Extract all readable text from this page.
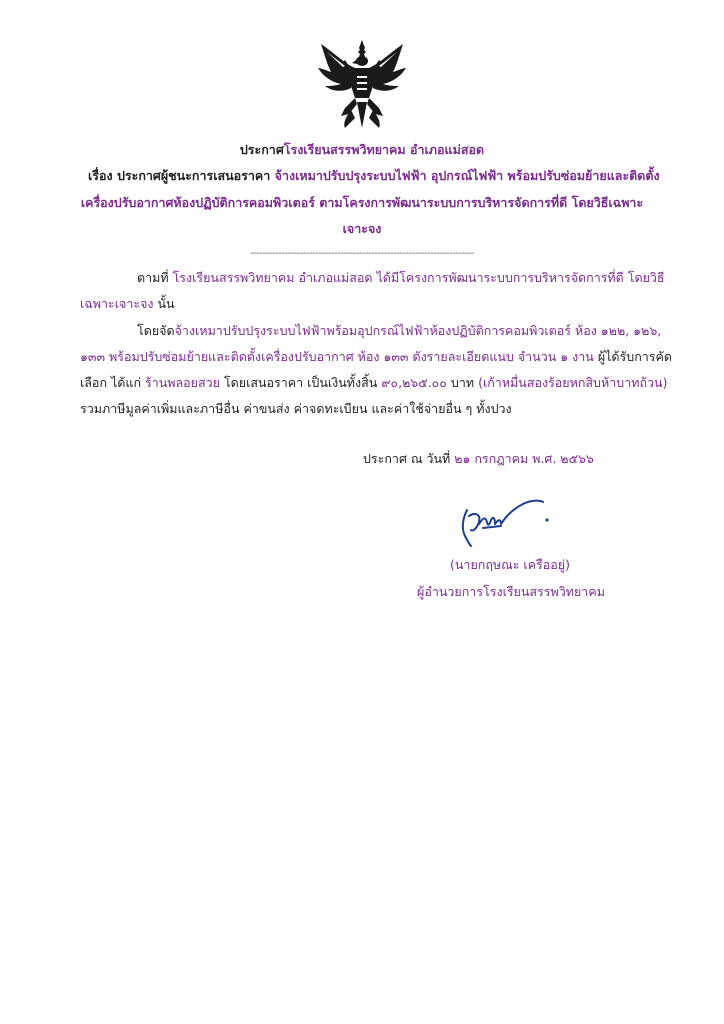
ประกาศโรงเรียนสรรพวิทยาคม อำเภอแม่สอด
เรื่อง ประกาศผู้ชนะการเสนอราคา จ้างเหมาปรับปรุงระบบไฟฟ้า อุปกรณ์ไฟฟ้า พร้อมปรับซ่อมย้ายและติดตั้ง
เครื่องปรับอากาศห้องปฏิบัติการคอมพิวเตอร์ ตามโครงการพัฒนาระบบการบริหารจัดการที่ดี โดยวิธีเฉพาะ
เจาะจง
------------------------------------------------------------------------
ตามที่ โรงเรียนสรรพวิทยาคม อำเภอแม่สอด ได้มีโครงการพัฒนาระบบการบริหารจัดการที่ดี โดยวิธี
เฉพาะเจาะจง นั้น
โดยจัดจ้างเหมาปรับปรุงระบบไฟฟ้าพร้อมอุปกรณ์ไฟฟ้าห้องปฏิบัติการคอมพิวเตอร์ ห้อง ๑๒๒, ๑๒๖,
๑๓๓ พร้อมปรับซ่อมย้ายและติดตั้งเครื่องปรับอากาศ ห้อง ๑๓๓ ดังรายละเอียดแนบ จำนวน ๑ งาน ผู้ได้รับการคัด
เลือก ได้แก่ ร้านพลอยสวย โดยเสนอราคา เป็นเงินทั้งสิ้น ๙๐,๒๖๕.๐๐ บาท (เก้าหมื่นสองร้อยหกสิบห้าบาทถ้วน)
รวมภาษีมูลค่าเพิ่มและภาษีอื่น ค่าขนส่ง ค่าจดทะเบียน และค่าใช้จ่ายอื่น ๆ ทั้งปวง
ประกาศ ณ วันที่ ๒๑ กรกฎาคม พ.ศ. ๒๕๖๖
(นายกฤษณะ เครืออยู่)
ผู้อำนวยการโรงเรียนสรรพวิทยาคม
